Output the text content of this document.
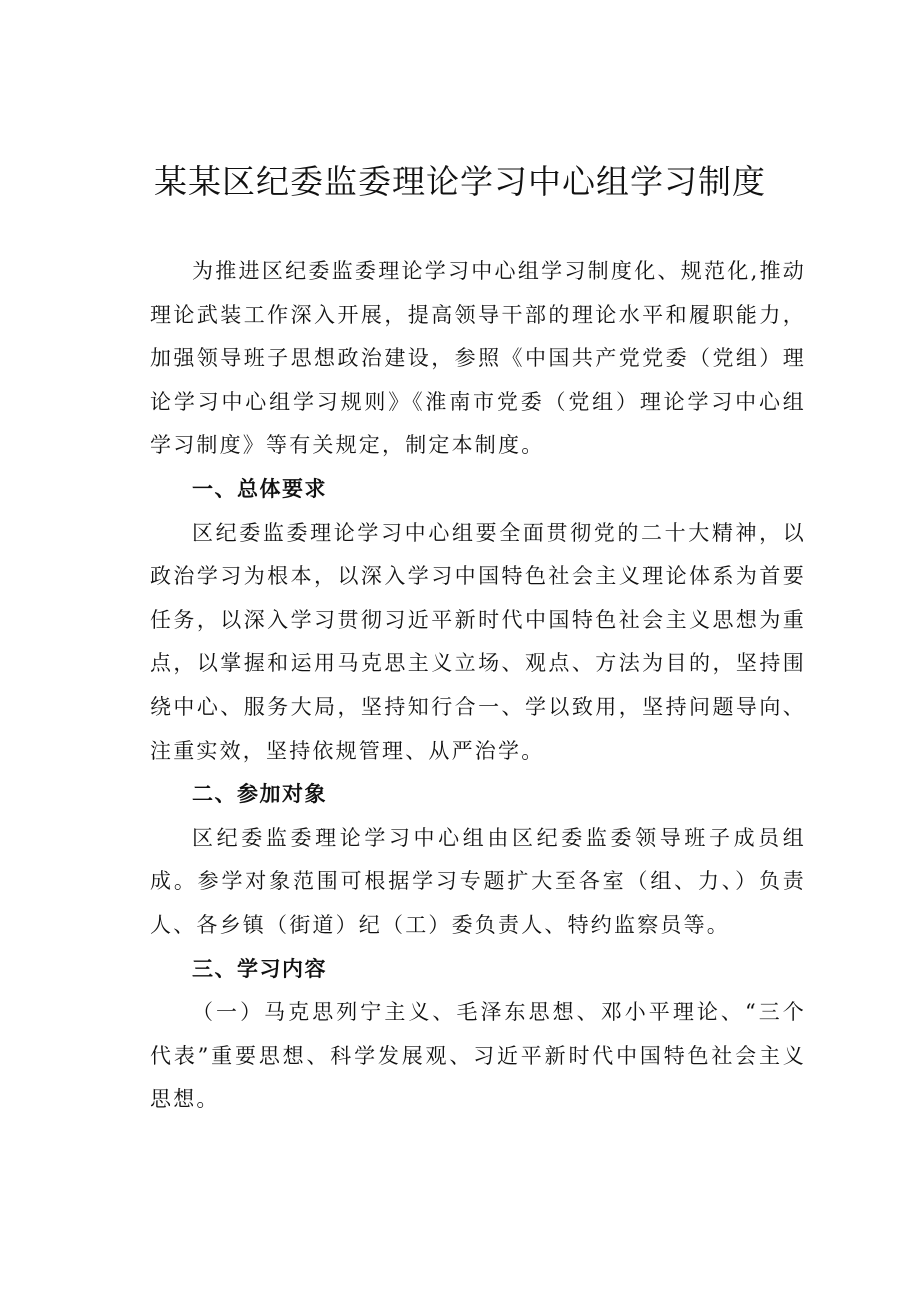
某某区纪委监委理论学习中心组学习制度

为推进区纪委监委理论学习中心组学习制度化、规范化,推动理论武装工作深入开展，提高领导干部的理论水平和履职能力，加强领导班子思想政治建设，参照《中国共产党党委（党组）理论学习中心组学习规则》《淮南市党委（党组）理论学习中心组学习制度》等有关规定，制定本制度。

一、总体要求

区纪委监委理论学习中心组要全面贯彻党的二十大精神，以政治学习为根本，以深入学习中国特色社会主义理论体系为首要任务，以深入学习贯彻习近平新时代中国特色社会主义思想为重点，以掌握和运用马克思主义立场、观点、方法为目的，坚持围绕中心、服务大局，坚持知行合一、学以致用，坚持问题导向、注重实效，坚持依规管理、从严治学。

二、参加对象

区纪委监委理论学习中心组由区纪委监委领导班子成员组成。参学对象范围可根据学习专题扩大至各室（组、力、）负责人、各乡镇（街道）纪（工）委负责人、特约监察员等。

三、学习内容

（一）马克思列宁主义、毛泽东思想、邓小平理论、“三个代表”重要思想、科学发展观、习近平新时代中国特色社会主义思想。
